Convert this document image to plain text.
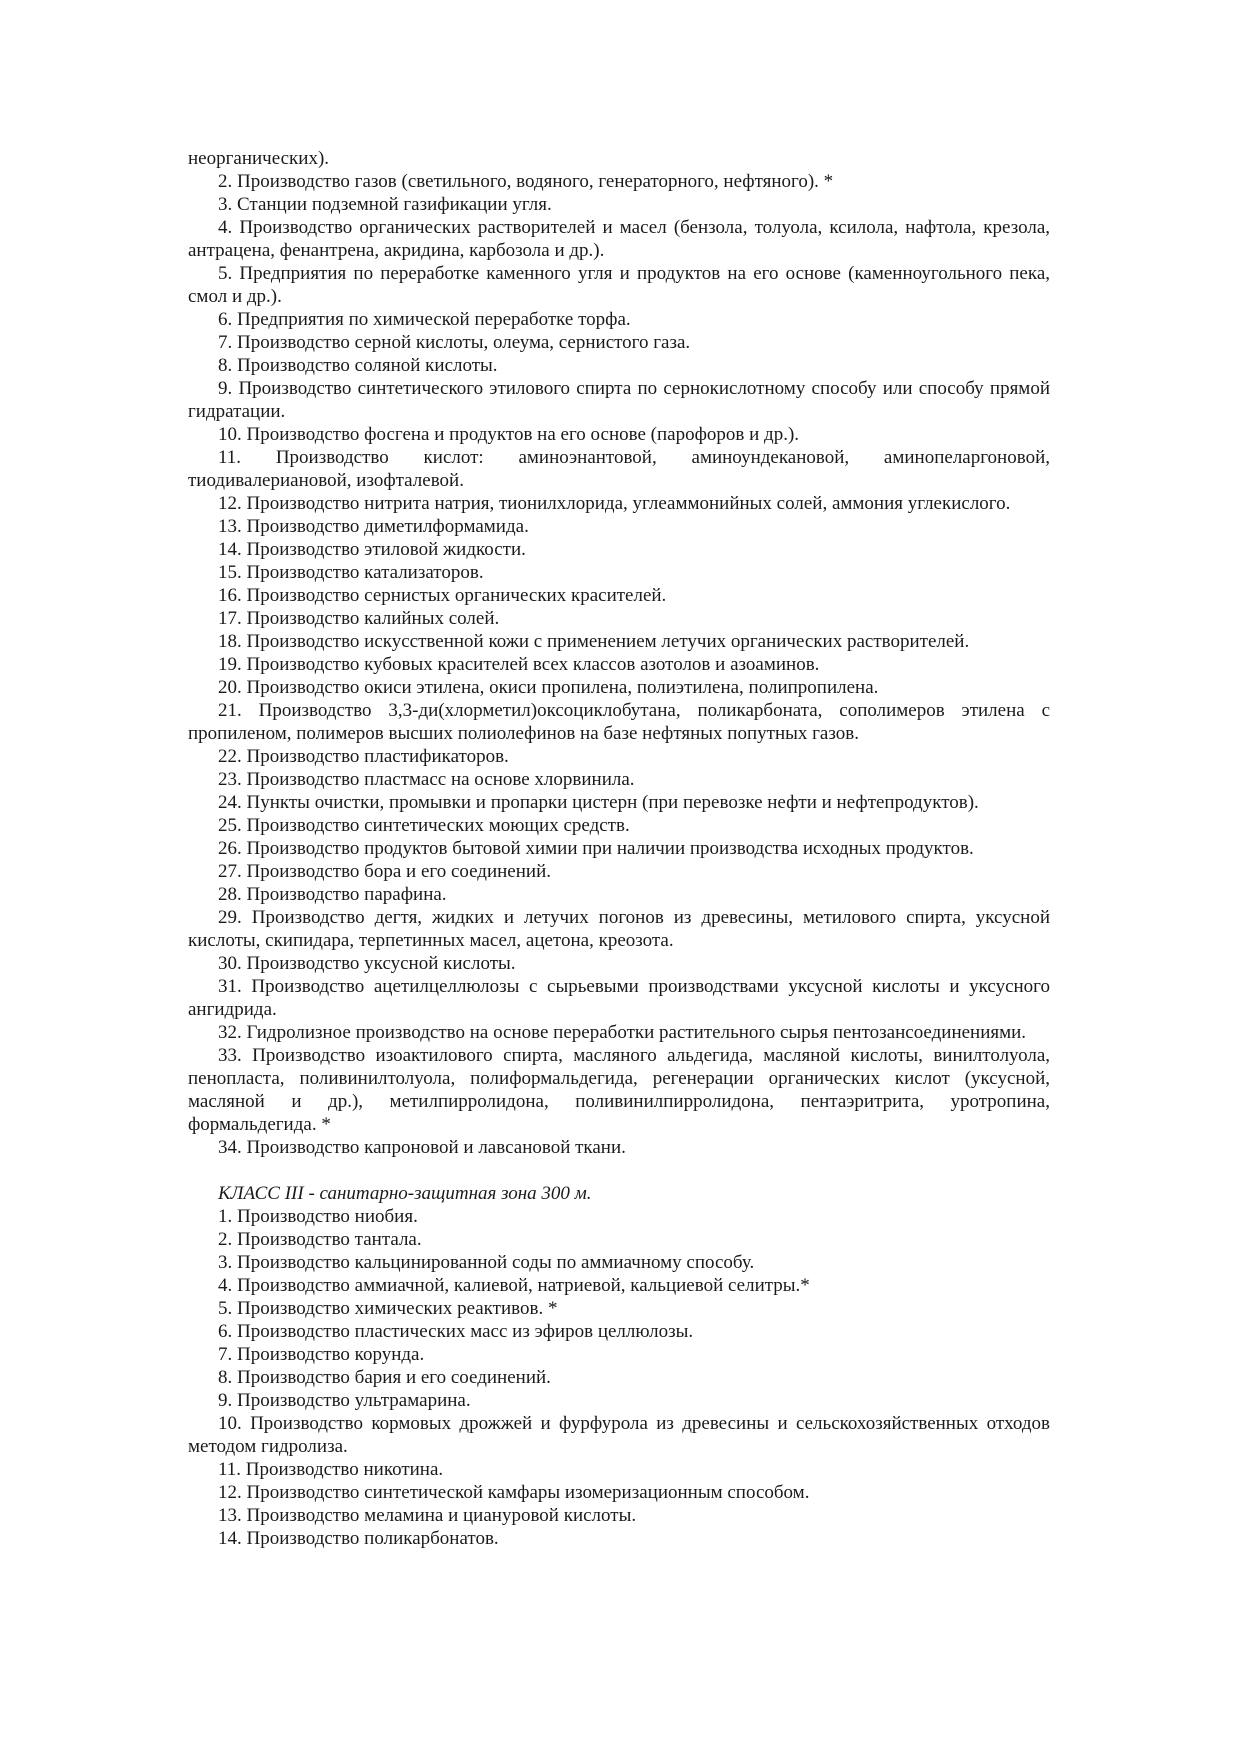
неорганических).

2. Производство газов (светильного, водяного, генераторного, нефтяного). *

3. Станции подземной газификации угля.

4. Производство органических растворителей и масел (бензола, толуола, ксилола, нафтола, крезола, антрацена, фенантрена, акридина, карбозола и др.).

5. Предприятия по переработке каменного угля и продуктов на его основе (каменноугольного пека, смол и др.).

6. Предприятия по химической переработке торфа.

7. Производство серной кислоты, олеума, сернистого газа.

8. Производство соляной кислоты.

9. Производство синтетического этилового спирта по сернокислотному способу или способу прямой гидратации.

10. Производство фосгена и продуктов на его основе (парофоров и др.).

11. Производство кислот: аминоэнантовой, аминоундекановой, аминопеларгоновой, тиодивалериановой, изофталевой.

12. Производство нитрита натрия, тионилхлорида, углеаммонийных солей, аммония углекислого.

13. Производство диметилформамида.

14. Производство этиловой жидкости.

15. Производство катализаторов.

16. Производство сернистых органических красителей.

17. Производство калийных солей.

18. Производство искусственной кожи с применением летучих органических растворителей.

19. Производство кубовых красителей всех классов азотолов и азоаминов.

20. Производство окиси этилена, окиси пропилена, полиэтилена, полипропилена.

21. Производство 3,3-ди(хлорметил)оксоциклобутана, поликарбоната, сополимеров этилена с пропиленом, полимеров высших полиолефинов на базе нефтяных попутных газов.

22. Производство пластификаторов.

23. Производство пластмасс на основе хлорвинила.

24. Пункты очистки, промывки и пропарки цистерн (при перевозке нефти и нефтепродуктов).

25. Производство синтетических моющих средств.

26. Производство продуктов бытовой химии при наличии производства исходных продуктов.

27. Производство бора и его соединений.

28. Производство парафина.

29. Производство дегтя, жидких и летучих погонов из древесины, метилового спирта, уксусной кислоты, скипидара, терпетинных масел, ацетона, креозота.

30. Производство уксусной кислоты.

31. Производство ацетилцеллюлозы с сырьевыми производствами уксусной кислоты и уксусного ангидрида.

32. Гидролизное производство на основе переработки растительного сырья пентозансоединениями.

33. Производство изоактилового спирта, масляного альдегида, масляной кислоты, винилтолуола, пенопласта, поливинилтолуола, полиформальдегида, регенерации органических кислот (уксусной, масляной и др.), метилпирролидона, поливинилпирролидона, пентаэритрита, уротропина, формальдегида. *

34. Производство капроновой и лавсановой ткани.

КЛАСС III - санитарно-защитная зона 300 м.

1. Производство ниобия.

2. Производство тантала.

3. Производство кальцинированной соды по аммиачному способу.

4. Производство аммиачной, калиевой, натриевой, кальциевой селитры.*

5. Производство химических реактивов. *

6. Производство пластических масс из эфиров целлюлозы.

7. Производство корунда.

8. Производство бария и его соединений.

9. Производство ультрамарина.

10. Производство кормовых дрожжей и фурфурола из древесины и сельскохозяйственных отходов методом гидролиза.

11. Производство никотина.

12. Производство синтетической камфары изомеризационным способом.

13. Производство меламина и циануровой кислоты.

14. Производство поликарбонатов.
